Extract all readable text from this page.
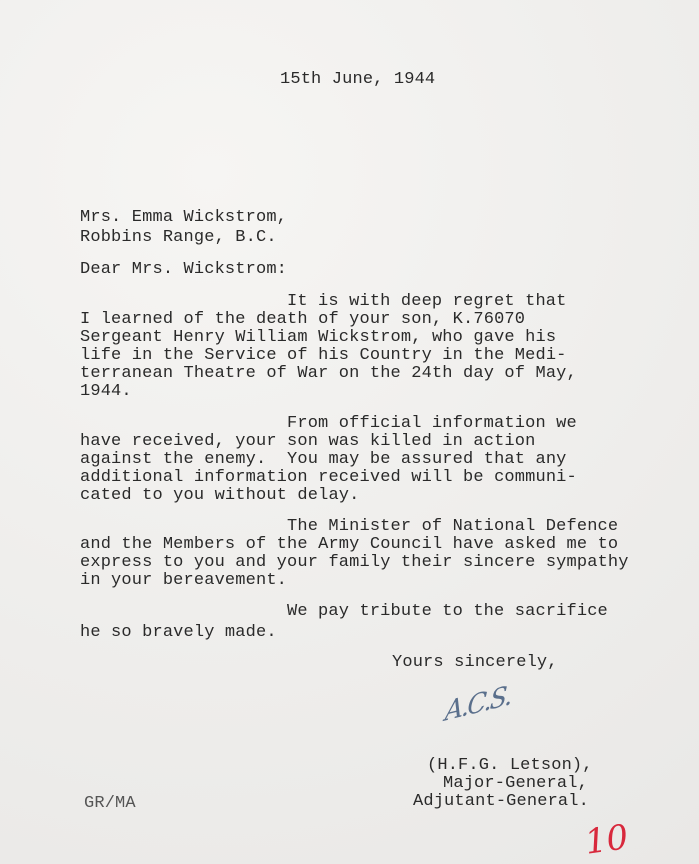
15th June, 1944
Mrs. Emma Wickstrom,
Robbins Range, B.C.
Dear Mrs. Wickstrom:
It is with deep regret that
I learned of the death of your son, K.76070
Sergeant Henry William Wickstrom, who gave his
life in the Service of his Country in the Medi-
terranean Theatre of War on the 24th day of May,
1944.
From official information we
have received, your son was killed in action
against the enemy.  You may be assured that any
additional information received will be communi-
cated to you without delay.
The Minister of National Defence
and the Members of the Army Council have asked me to
express to you and your family their sincere sympathy
in your bereavement.
We pay tribute to the sacrifice
he so bravely made.
Yours sincerely,
A.C.S.
(H.F.G. Letson),
Major-General,
Adjutant-General.
GR/MA
10
